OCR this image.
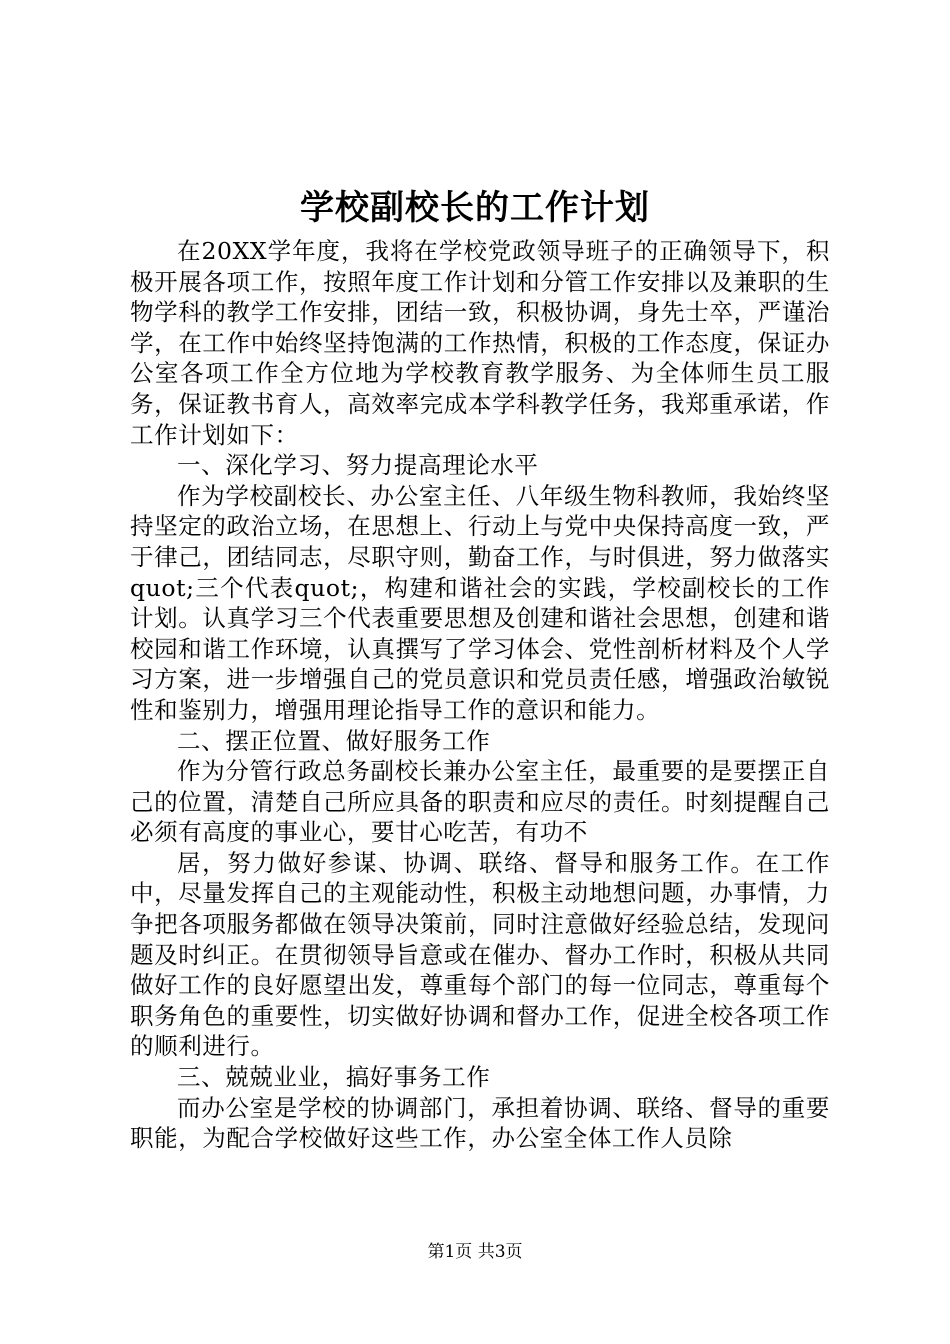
学校副校长的工作计划

在20XX学年度，我将在学校党政领导班子的正确领导下，积极开展各项工作，按照年度工作计划和分管工作安排以及兼职的生物学科的教学工作安排，团结一致，积极协调，身先士卒，严谨治学，在工作中始终坚持饱满的工作热情，积极的工作态度，保证办公室各项工作全方位地为学校教育教学服务、为全体师生员工服务，保证教书育人，高效率完成本学科教学任务，我郑重承诺，作工作计划如下：

一、深化学习、努力提高理论水平

作为学校副校长、办公室主任、八年级生物科教师，我始终坚持坚定的政治立场，在思想上、行动上与党中央保持高度一致，严于律己，团结同志，尽职守则，勤奋工作，与时俱进，努力做落实quot;三个代表quot;，构建和谐社会的实践，学校副校长的工作计划。认真学习三个代表重要思想及创建和谐社会思想，创建和谐校园和谐工作环境，认真撰写了学习体会、党性剖析材料及个人学习方案，进一步增强自己的党员意识和党员责任感，增强政治敏锐性和鉴别力，增强用理论指导工作的意识和能力。

二、摆正位置、做好服务工作

作为分管行政总务副校长兼办公室主任，最重要的是要摆正自己的位置，清楚自己所应具备的职责和应尽的责任。时刻提醒自己必须有高度的事业心，要甘心吃苦，有功不

居，努力做好参谋、协调、联络、督导和服务工作。在工作中，尽量发挥自己的主观能动性，积极主动地想问题，办事情，力争把各项服务都做在领导决策前，同时注意做好经验总结，发现问题及时纠正。在贯彻领导旨意或在催办、督办工作时，积极从共同做好工作的良好愿望出发，尊重每个部门的每一位同志，尊重每个职务角色的重要性，切实做好协调和督办工作，促进全校各项工作的顺利进行。

三、兢兢业业，搞好事务工作

而办公室是学校的协调部门，承担着协调、联络、督导的重要职能，为配合学校做好这些工作，办公室全体工作人员除

第1页 共3页
